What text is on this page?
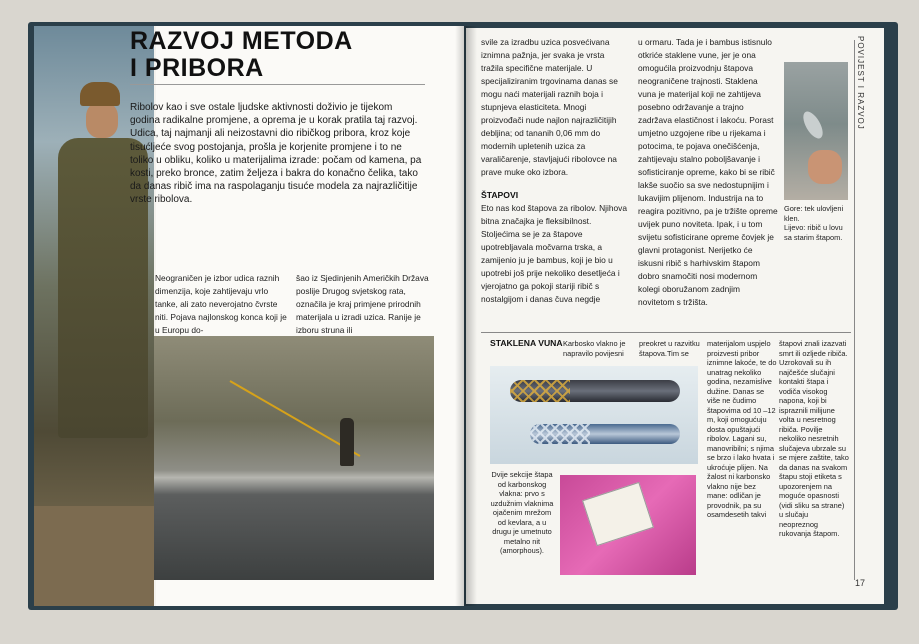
RAZVOJ METODA
I PRIBORA
Ribolov kao i sve ostale ljudske aktivnosti doživio je tijekom godina radikalne promjene, a oprema je u korak pratila taj razvoj. Udica, taj najmanji ali neizostavni dio ribičkog pribora, kroz koje tisućljeće svog postojanja, prošla je korjenite promjene i to ne toliko u obliku, koliko u materijalima izrade: počam od kamena, pa kosti, preko bronce, zatim željeza i bakra do konačno čelika, tako da danas ribič ima na raspolaganju tisuće modela za najrazličitije vrste ribolova.
Neograničen je izbor udica raznih dimenzija, koje zahtijevaju vrlo tanke, ali zato neverojatno čvrste niti. Pojava najlonskog konca koji je u Europu do-
šao iz Sjedinjenih Američkih Država poslije Drugog svjetskog rata, označila je kraj primjene prirodnih materijala u izradi uzica. Ranije je izboru struna ili
svile za izradbu uzica posvećivana iznimna pažnja, jer svaka je vrsta tražila specifične materijale. U specijaliziranim trgovinama danas se mogu naći materijali raznih boja i stupnjeva elasticiteta. Mnogi proizvođači nude najlon najrazličitijih debljina; od tananih 0,06 mm do modernih upletenih uzica za varaličarenje, stavljajući ribolovce na prave muke oko izbora.
ŠTAPOVI
Eto nas kod štapova za ribolov. Njihova bitna značajka je fleksibilnost. Stoljećima se je za štapove upotrebljavala močvarna trska, a zamijenio ju je bambus, koji je bio u upotrebi još prije nekoliko desetljeća i vjerojatno ga pokoji stariji ribič s nostalgijom i danas čuva negdje
u ormaru. Tada je i bambus istisnulo otkriće staklene vune, jer je ona omogućila proizvodnju štapova neograničene trajnosti. Staklena vuna je materijal koji ne zahtijeva posebno održavanje a trajno zadržava elastičnost i lakoću. Porast umjetno uzgojene ribe u rijekama i potocima, te pojava onečišćenja, zahtijevaju stalno poboljšavanje i sofisticiranje opreme, kako bi se ribič lakše suočio sa sve nedostupnijim i lukavijim plijenom. Industrija na to reagira pozitivno, pa je tržište opreme uvijek puno noviteta. Ipak, i u tom svijetu sofisticirane opreme čovjek je glavni protagonist. Nerijetko će iskusni ribič s harhivskim štapom dobro snamočiti nosi modernom kolegi oboružanom zadnjim novitetom s tržišta.
Gore: tek ulovljeni klen.
Lijevo: ribič u lovu sa starim štapom.
POVIJEST I RAZVOJ
STAKLENA VUNA Karbosko vlakno je napravilo povijesni
preokret u razvitku štapova.Tim se
materijalom uspjelo proizvesti pribor iznimne lakoće, te do unatrag nekoliko godina, nezamislive dužine. Danas se više ne čudimo štapovima od 10 –12 m, koji omogućuju dosta opuštajući ribolov. Lagani su, manovribilni; s njima se brzo i lako hvata i ukroćuje plijen. Na žalost ni karbonsko vlakno nije bez mane: odličan je provodnik, pa su osamdesetih takvi
štapovi znali izazvati smrt ili ozljede ribiča. Uzrokovali su ih najčešće slučajni kontakti štapa i vodiča visokog napona, koji bi ispraznili milijune volta u nesretnog ribiča. Povilje nekoliko nesretnih slučajeva ubrzale su se mjere zaštite, tako da danas na svakom štapu stoji etiketa s upozorenjem na moguće opasnosti (vidi sliku sa strane) u slučaju neopreznog rukovanja štapom.
Dvije sekcije štapa od karbonskog vlakna: prvo s uzdužnim vlaknima ojačenim mrežom od kevlara, a u drugu je umetnuto metalno nit (amorphous).
17
